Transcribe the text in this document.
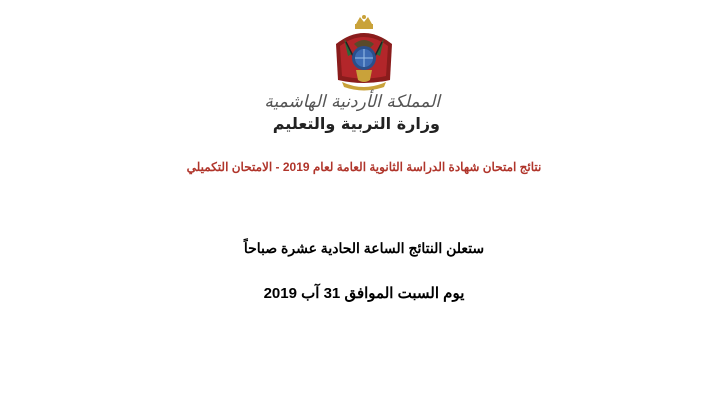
المملكة الأردنية الهاشمية
وزارة التربية والتعليم
نتائج امتحان شهادة الدراسة الثانوية العامة لعام 2019 - الامتحان التكميلي
ستعلن النتائج الساعة الحادية عشرة صباحاً
يوم السبت الموافق 31 آب 2019
